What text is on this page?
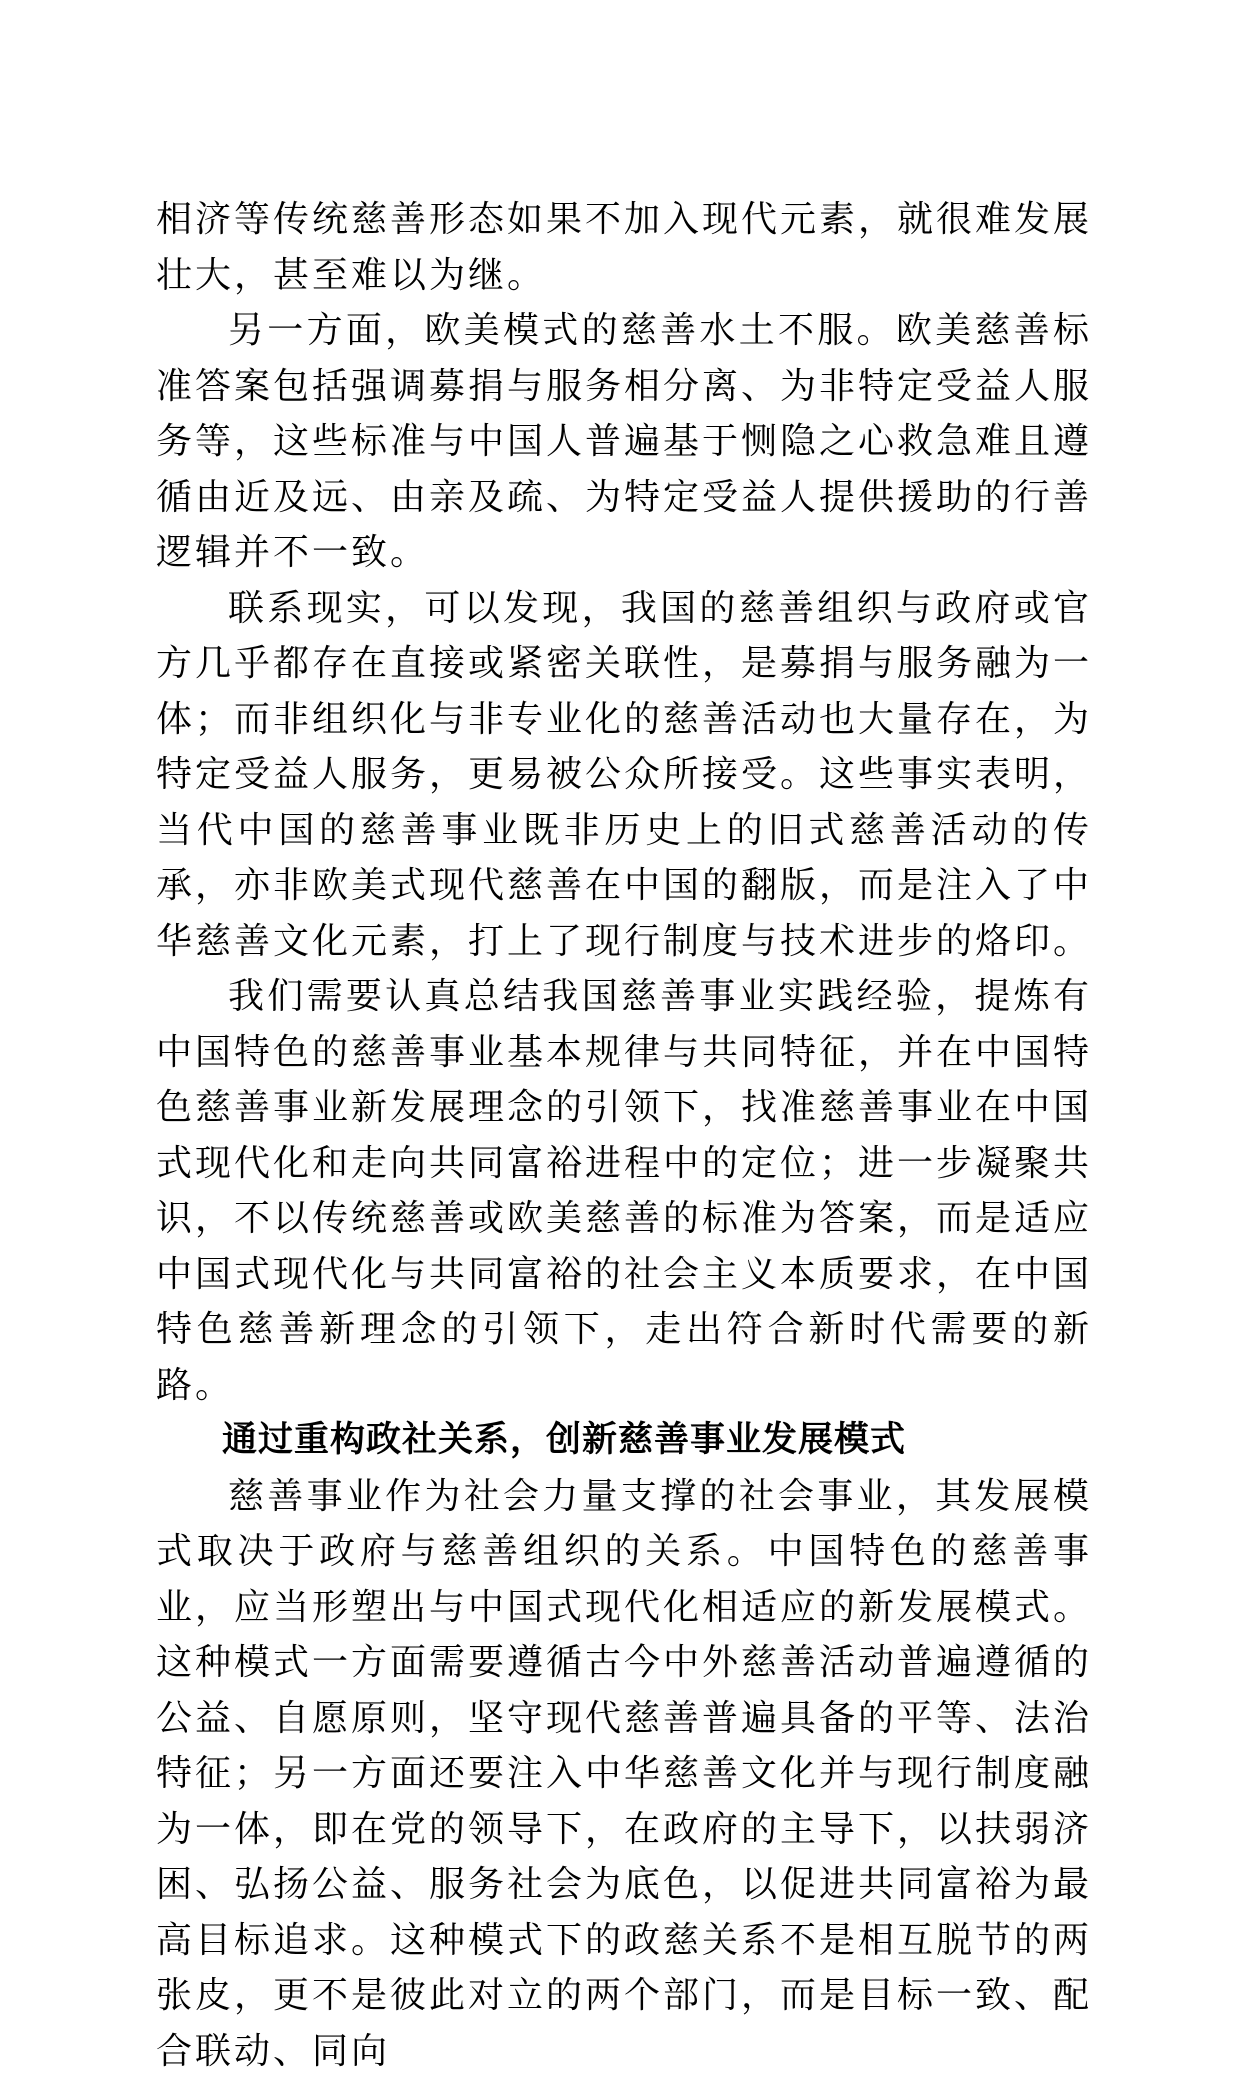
相济等传统慈善形态如果不加入现代元素，就很难发展壮大，甚至难以为继。

另一方面，欧美模式的慈善水土不服。欧美慈善标准答案包括强调募捐与服务相分离、为非特定受益人服务等，这些标准与中国人普遍基于恻隐之心救急难且遵循由近及远、由亲及疏、为特定受益人提供援助的行善逻辑并不一致。

联系现实，可以发现，我国的慈善组织与政府或官方几乎都存在直接或紧密关联性，是募捐与服务融为一体；而非组织化与非专业化的慈善活动也大量存在，为特定受益人服务，更易被公众所接受。这些事实表明，当代中国的慈善事业既非历史上的旧式慈善活动的传承，亦非欧美式现代慈善在中国的翻版，而是注入了中华慈善文化元素，打上了现行制度与技术进步的烙印。

我们需要认真总结我国慈善事业实践经验，提炼有中国特色的慈善事业基本规律与共同特征，并在中国特色慈善事业新发展理念的引领下，找准慈善事业在中国式现代化和走向共同富裕进程中的定位；进一步凝聚共识，不以传统慈善或欧美慈善的标准为答案，而是适应中国式现代化与共同富裕的社会主义本质要求，在中国特色慈善新理念的引领下，走出符合新时代需要的新路。

通过重构政社关系，创新慈善事业发展模式

慈善事业作为社会力量支撑的社会事业，其发展模式取决于政府与慈善组织的关系。中国特色的慈善事业，应当形塑出与中国式现代化相适应的新发展模式。这种模式一方面需要遵循古今中外慈善活动普遍遵循的公益、自愿原则，坚守现代慈善普遍具备的平等、法治特征；另一方面还要注入中华慈善文化并与现行制度融为一体，即在党的领导下，在政府的主导下，以扶弱济困、弘扬公益、服务社会为底色，以促进共同富裕为最高目标追求。这种模式下的政慈关系不是相互脱节的两张皮，更不是彼此对立的两个部门，而是目标一致、配合联动、同向
